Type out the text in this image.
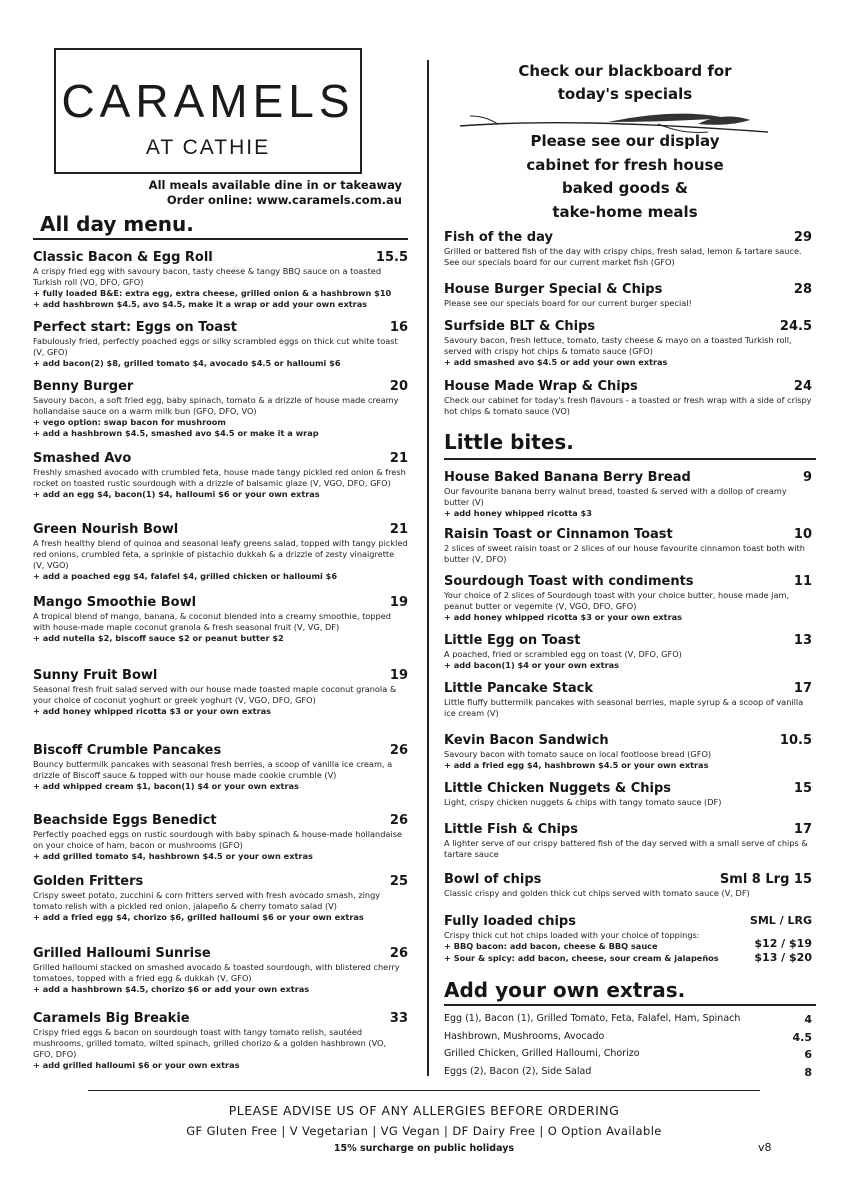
CARAMELS
AT CATHIE
All meals available dine in or takeaway
Order online: www.caramels.com.au
All day menu.
Check our blackboard for
today's specials
Please see our display
cabinet for fresh house
baked goods &
take-home meals
Classic Bacon & Egg Roll	15.5
A crispy fried egg with savoury bacon, tasty cheese & tangy BBQ sauce on a toasted Turkish roll (VO, DFO, GFO)
+ fully loaded B&E: extra egg, extra cheese, grilled onion & a hashbrown $10
+ add hashbrown $4.5, avo $4.5, make it a wrap or add your own extras
Perfect start: Eggs on Toast	16
Fabulously fried, perfectly poached eggs or silky scrambled eggs on thick cut white toast (V, GFO)
+ add bacon(2) $8, grilled tomato $4, avocado $4.5 or halloumi $6
Benny Burger	20
Savoury bacon, a soft fried egg, baby spinach, tomato & a drizzle of house made creamy hollandaise sauce on a warm milk bun (GFO, DFO, VO)
+ vego option: swap bacon for mushroom
+ add a hashbrown $4.5, smashed avo $4.5 or make it a wrap
Smashed Avo	21
Freshly smashed avocado with crumbled feta, house made tangy pickled red onion & fresh rocket on toasted rustic sourdough with a drizzle of balsamic glaze (V, VGO, DFO, GFO)
+ add an egg $4, bacon(1) $4, halloumi $6 or your own extras
Green Nourish Bowl	21
A fresh healthy blend of quinoa and seasonal leafy greens salad, topped with tangy pickled red onions, crumbled feta, a sprinkle of pistachio dukkah & a drizzle of zesty vinaigrette (V, VGO)
+ add a poached egg $4, falafel $4, grilled chicken or halloumi $6
Mango Smoothie Bowl	19
A tropical blend of mango, banana, & coconut blended into a creamy smoothie, topped with house-made maple coconut granola & fresh seasonal fruit (V, VG, DF)
+ add nutella $2, biscoff sauce $2 or peanut butter $2
Sunny Fruit Bowl	19
Seasonal fresh fruit salad served with our house made toasted maple coconut granola & your choice of coconut yoghurt or greek yoghurt (V, VGO, DFO, GFO)
+ add honey whipped ricotta $3 or your own extras
Biscoff Crumble Pancakes	26
Bouncy buttermilk pancakes with seasonal fresh berries, a scoop of vanilla ice cream, a drizzle of Biscoff sauce & topped with our house made cookie crumble (V)
+ add whipped cream $1, bacon(1) $4 or your own extras
Beachside Eggs Benedict	26
Perfectly poached eggs on rustic sourdough with baby spinach & house-made hollandaise on your choice of ham, bacon or mushrooms (GFO)
+ add grilled tomato $4, hashbrown $4.5 or your own extras
Golden Fritters	25
Crispy sweet potato, zucchini & corn fritters served with fresh avocado smash, zingy tomato relish with a pickled red onion, jalapeño & cherry tomato salad (V)
+ add a fried egg $4, chorizo $6, grilled halloumi $6 or your own extras
Grilled Halloumi Sunrise	26
Grilled halloumi stacked on smashed avocado & toasted sourdough, with blistered cherry tomatoes, topped with a fried egg & dukkah (V, GFO)
+ add a hashbrown $4.5, chorizo $6 or add your own extras
Caramels Big Breakie	33
Crispy fried eggs & bacon on sourdough toast with tangy tomato relish, sautéed mushrooms, grilled tomato, wilted spinach, grilled chorizo & a golden hashbrown (VO, GFO, DFO)
+ add grilled halloumi $6 or your own extras
Fish of the day	29
Grilled or battered fish of the day with crispy chips, fresh salad, lemon & tartare sauce. See our specials board for our current market fish (GFO)
House Burger Special & Chips	28
Please see our specials board for our current burger special!
Surfside BLT & Chips	24.5
Savoury bacon, fresh lettuce, tomato, tasty cheese & mayo on a toasted Turkish roll, served with crispy hot chips & tomato sauce (GFO)
+ add smashed avo $4.5 or add your own extras
House Made Wrap & Chips	24
Check our cabinet for today's fresh flavours - a toasted or fresh wrap with a side of crispy hot chips & tomato sauce (VO)
Little bites.
House Baked Banana Berry Bread	9
Our favourite banana berry walnut bread, toasted & served with a dollop of creamy butter (V)
+ add honey whipped ricotta $3
Raisin Toast or Cinnamon Toast	10
2 slices of sweet raisin toast or 2 slices of our house favourite cinnamon toast both with butter (V, DFO)
Sourdough Toast with condiments	11
Your choice of 2 slices of Sourdough toast with your choice butter, house made jam, peanut butter or vegemite (V, VGO, DFO, GFO)
+ add honey whipped ricotta $3 or your own extras
Little Egg on Toast	13
A poached, fried or scrambled egg on toast (V, DFO, GFO)
+ add bacon(1) $4 or your own extras
Little Pancake Stack	17
Little fluffy buttermilk pancakes with seasonal berries, maple syrup & a scoop of vanilla ice cream (V)
Kevin Bacon Sandwich	10.5
Savoury bacon with tomato sauce on local footloose bread (GFO)
+ add a fried egg $4, hashbrown $4.5 or your own extras
Little Chicken Nuggets & Chips	15
Light, crispy chicken nuggets & chips with tangy tomato sauce (DF)
Little Fish & Chips	17
A lighter serve of our crispy battered fish of the day served with a small serve of chips & tartare sauce
Bowl of chips	Sml 8 Lrg 15
Classic crispy and golden thick cut chips served with tomato sauce (V, DF)
Fully loaded chips	SML / LRG
Crispy thick cut hot chips loaded with your choice of toppings:
+ BBQ bacon: add bacon, cheese & BBQ sauce	$12 / $19
+ Sour & spicy: add bacon, cheese, sour cream & jalapeños	$13 / $20
Add your own extras.
Egg (1), Bacon (1), Grilled Tomato, Feta, Falafel, Ham, Spinach	4
Hashbrown, Mushrooms, Avocado	4.5
Grilled Chicken, Grilled Halloumi, Chorizo	6
Eggs (2), Bacon (2), Side Salad	8
PLEASE ADVISE US OF ANY ALLERGIES BEFORE ORDERING
GF Gluten Free | V Vegetarian | VG Vegan | DF Dairy Free | O Option Available
15% surcharge on public holidays	v8
